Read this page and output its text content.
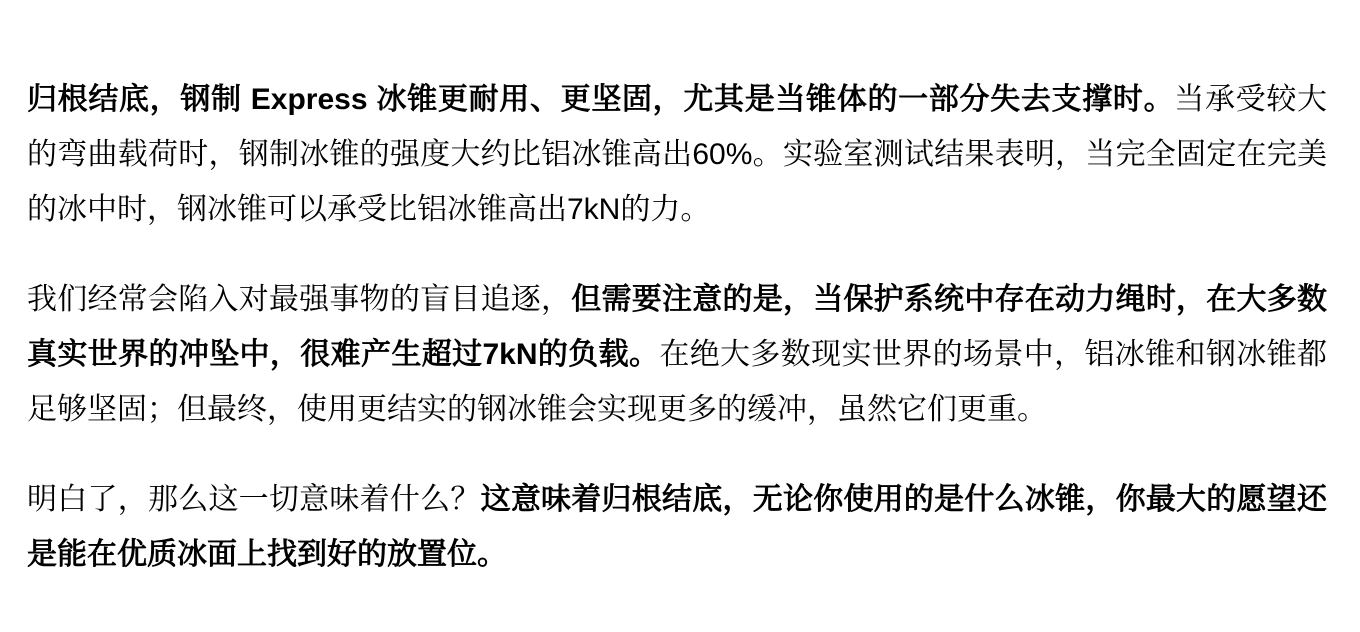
归根结底，钢制 Express 冰锥更耐用、更坚固，尤其是当锥体的一部分失去支撑时。当承受较大的弯曲载荷时，钢制冰锥的强度大约比铝冰锥高出60%。实验室测试结果表明，当完全固定在完美的冰中时，钢冰锥可以承受比铝冰锥高出7kN的力。

我们经常会陷入对最强事物的盲目追逐，但需要注意的是，当保护系统中存在动力绳时，在大多数真实世界的冲坠中，很难产生超过7kN的负载。在绝大多数现实世界的场景中，铝冰锥和钢冰锥都足够坚固；但最终，使用更结实的钢冰锥会实现更多的缓冲，虽然它们更重。

明白了，那么这一切意味着什么？这意味着归根结底，无论你使用的是什么冰锥，你最大的愿望还是能在优质冰面上找到好的放置位。
